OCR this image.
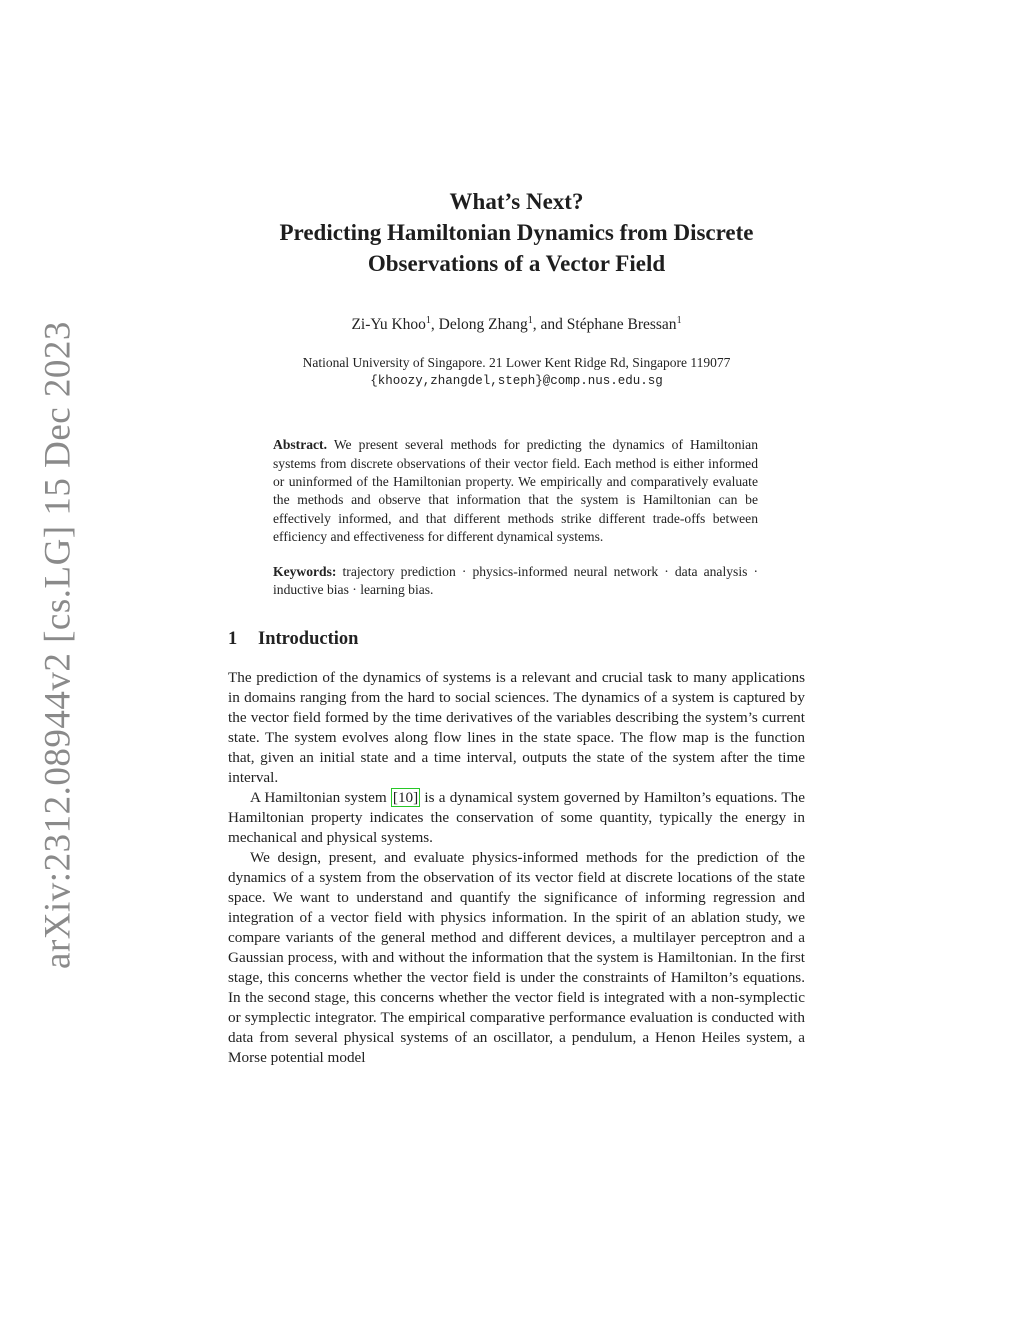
arXiv:2312.08944v2 [cs.LG] 15 Dec 2023
What’s Next?
Predicting Hamiltonian Dynamics from Discrete
Observations of a Vector Field
Zi-Yu Khoo$^1$, Delong Zhang$^1$, and Stéphane Bressan$^1$
National University of Singapore. 21 Lower Kent Ridge Rd, Singapore 119077
{khoozy,zhangdel,steph}@comp.nus.edu.sg
Abstract. We present several methods for predicting the dynamics of Hamiltonian systems from discrete observations of their vector field. Each method is either informed or uninformed of the Hamiltonian property. We empirically and comparatively evaluate the methods and observe that information that the system is Hamiltonian can be effectively informed, and that different methods strike different trade-offs between efficiency and effectiveness for different dynamical systems.
Keywords: trajectory prediction · physics-informed neural network · data analysis · inductive bias · learning bias.
1 Introduction

The prediction of the dynamics of systems is a relevant and crucial task to many applications in domains ranging from the hard to social sciences. The dynamics of a system is captured by the vector field formed by the time derivatives of the variables describing the system’s current state. The system evolves along flow lines in the state space. The flow map is the function that, given an initial state and a time interval, outputs the state of the system after the time interval.

A Hamiltonian system [10] is a dynamical system governed by Hamilton’s equations. The Hamiltonian property indicates the conservation of some quantity, typically the energy in mechanical and physical systems.

We design, present, and evaluate physics-informed methods for the prediction of the dynamics of a system from the observation of its vector field at discrete locations of the state space. We want to understand and quantify the significance of informing regression and integration of a vector field with physics information. In the spirit of an ablation study, we compare variants of the general method and different devices, a multilayer perceptron and a Gaussian process, with and without the information that the system is Hamiltonian. In the first stage, this concerns whether the vector field is under the constraints of Hamilton’s equations. In the second stage, this concerns whether the vector field is integrated with a non-symplectic or symplectic integrator. The empirical comparative performance evaluation is conducted with data from several physical systems of an oscillator, a pendulum, a Henon Heiles system, a Morse potential model
